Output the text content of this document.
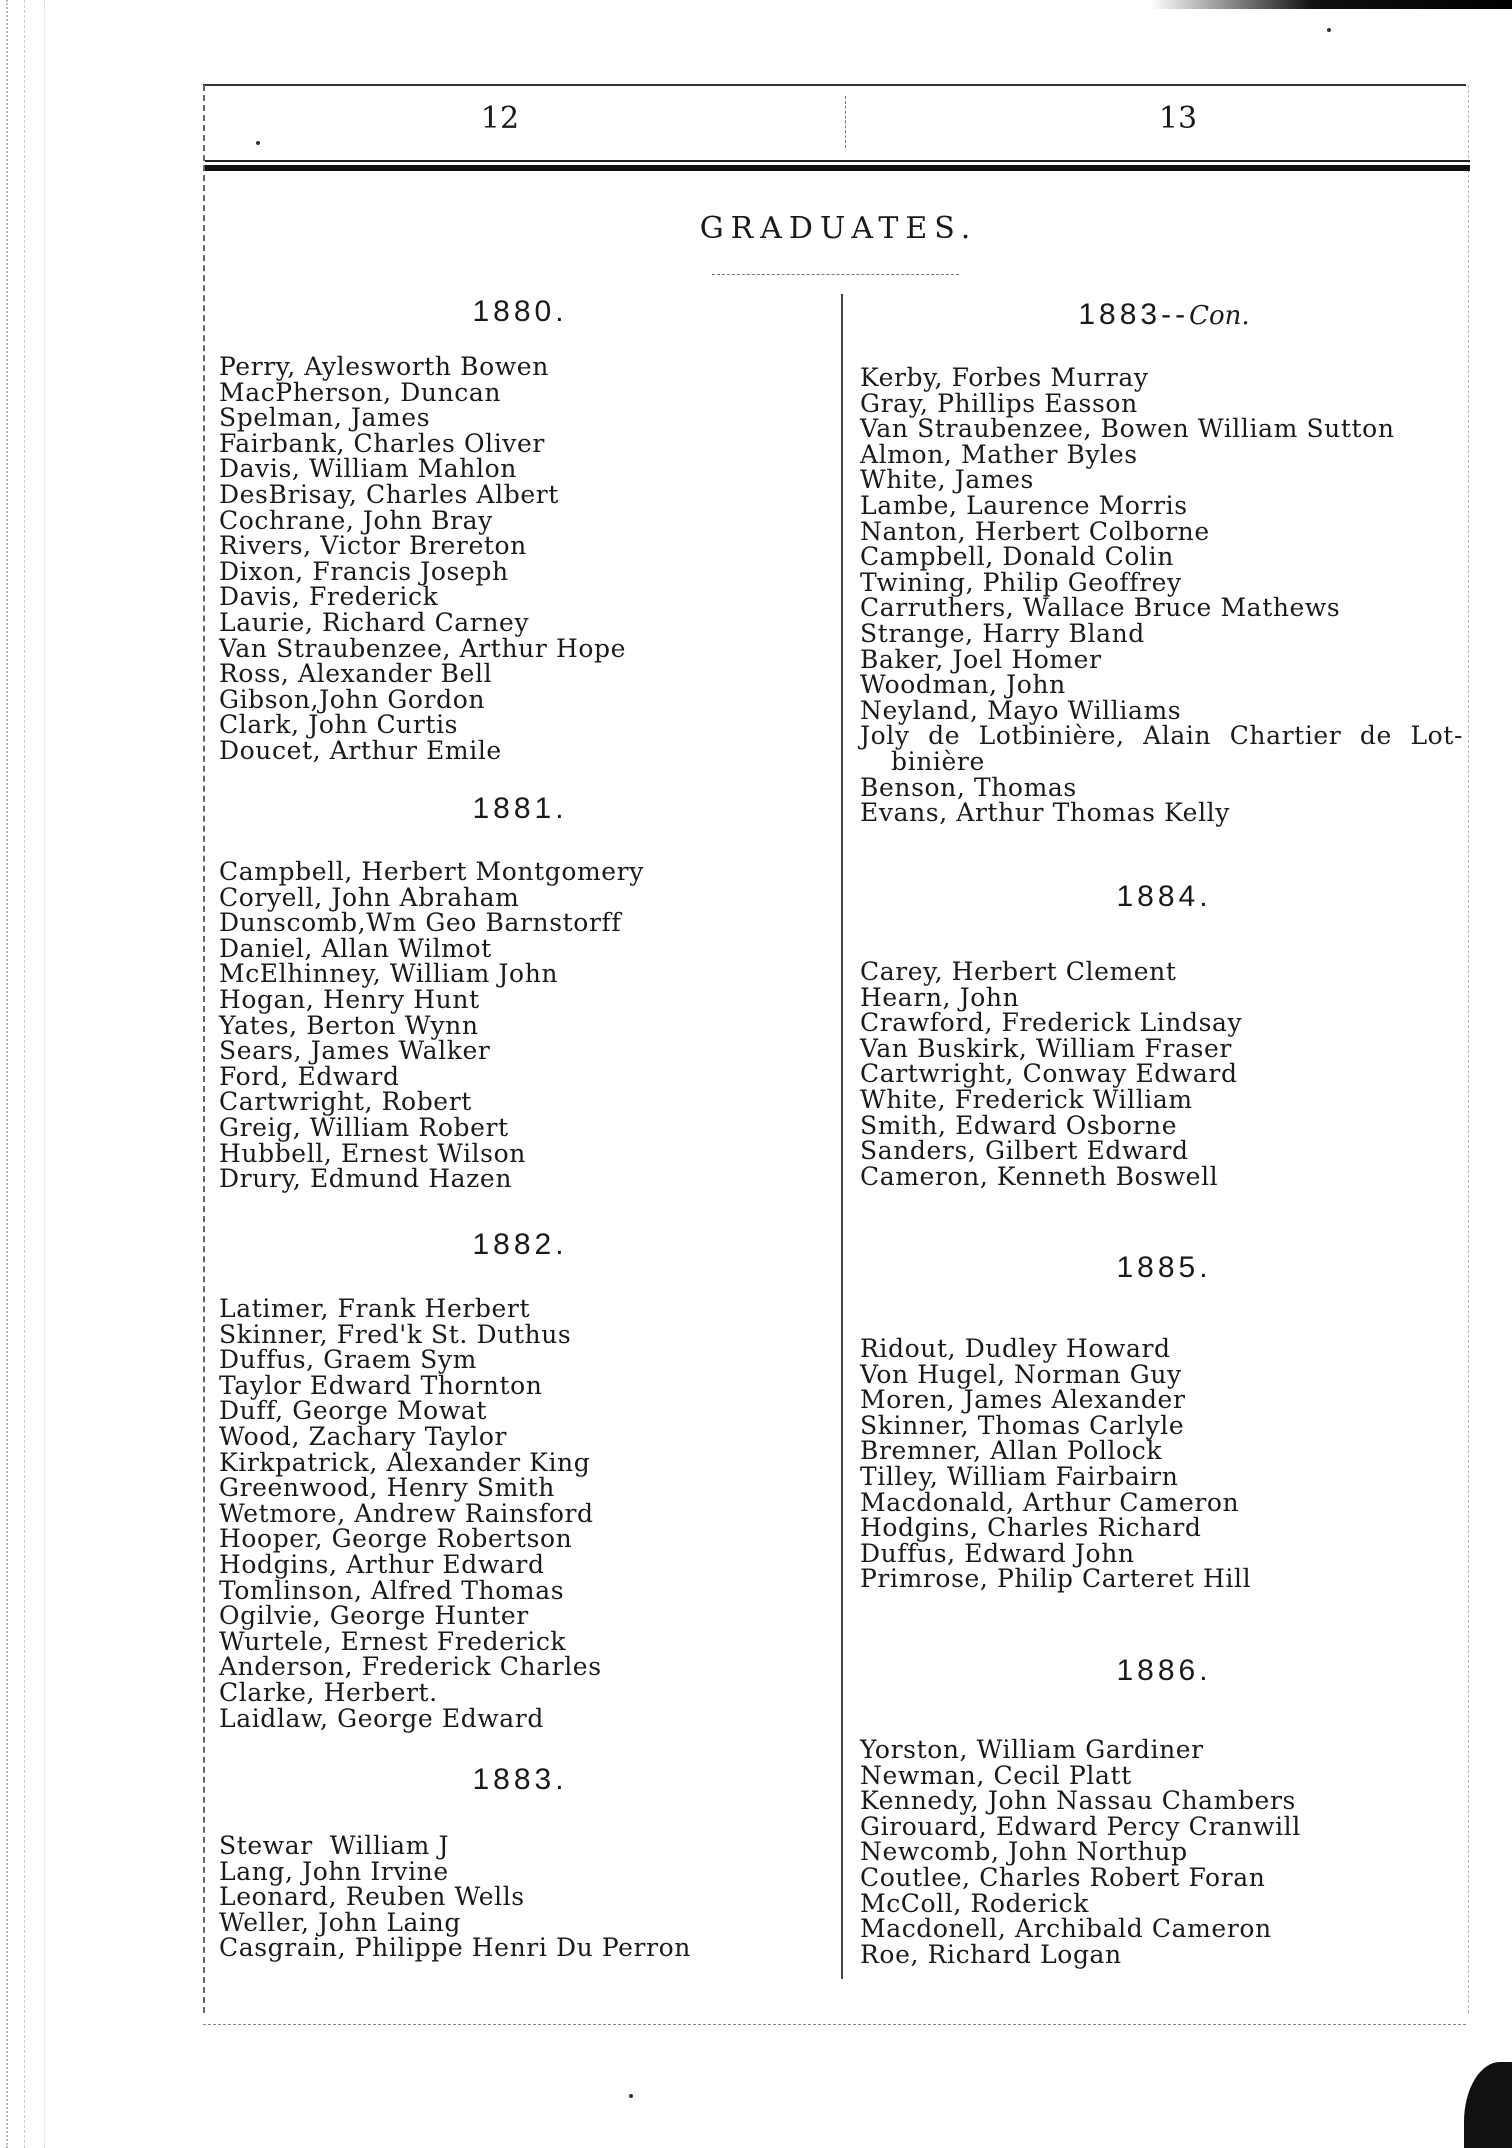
12	13
GRADUATES.
1880.
Perry, Aylesworth Bowen
MacPherson, Duncan
Spelman, James
Fairbank, Charles Oliver
Davis, William Mahlon
DesBrisay, Charles Albert
Cochrane, John Bray
Rivers, Victor Brereton
Dixon, Francis Joseph
Davis, Frederick
Laurie, Richard Carney
Van Straubenzee, Arthur Hope
Ross, Alexander Bell
Gibson,John Gordon
Clark, John Curtis
Doucet, Arthur Emile
1881.
Campbell, Herbert Montgomery
Coryell, John Abraham
Dunscomb,Wm Geo Barnstorff
Daniel, Allan Wilmot
McElhinney, William John
Hogan, Henry Hunt
Yates, Berton Wynn
Sears, James Walker
Ford, Edward
Cartwright, Robert
Greig, William Robert
Hubbell, Ernest Wilson
Drury, Edmund Hazen
1882.
Latimer, Frank Herbert
Skinner, Fred'k St. Duthus
Duffus, Graem Sym
Taylor Edward Thornton
Duff, George Mowat
Wood, Zachary Taylor
Kirkpatrick, Alexander King
Greenwood, Henry Smith
Wetmore, Andrew Rainsford
Hooper, George Robertson
Hodgins, Arthur Edward
Tomlinson, Alfred Thomas
Ogilvie, George Hunter
Wurtele, Ernest Frederick
Anderson, Frederick Charles
Clarke, Herbert.
Laidlaw, George Edward
1883.
Stewar  William J
Lang, John Irvine
Leonard, Reuben Wells
Weller, John Laing
Casgrain, Philippe Henri Du Perron
1883--Con.
Kerby, Forbes Murray
Gray, Phillips Easson
Van Straubenzee, Bowen William Sutton
Almon, Mather Byles
White, James
Lambe, Laurence Morris
Nanton, Herbert Colborne
Campbell, Donald Colin
Twining, Philip Geoffrey
Carruthers, Wallace Bruce Mathews
Strange, Harry Bland
Baker, Joel Homer
Woodman, John
Neyland, Mayo Williams
Joly de Lotbinière, Alain Chartier de Lot-
binière
Benson, Thomas
Evans, Arthur Thomas Kelly
1884.
Carey, Herbert Clement
Hearn, John
Crawford, Frederick Lindsay
Van Buskirk, William Fraser
Cartwright, Conway Edward
White, Frederick William
Smith, Edward Osborne
Sanders, Gilbert Edward
Cameron, Kenneth Boswell
1885.
Ridout, Dudley Howard
Von Hugel, Norman Guy
Moren, James Alexander
Skinner, Thomas Carlyle
Bremner, Allan Pollock
Tilley, William Fairbairn
Macdonald, Arthur Cameron
Hodgins, Charles Richard
Duffus, Edward John
Primrose, Philip Carteret Hill
1886.
Yorston, William Gardiner
Newman, Cecil Platt
Kennedy, John Nassau Chambers
Girouard, Edward Percy Cranwill
Newcomb, John Northup
Coutlee, Charles Robert Foran
McColl, Roderick
Macdonell, Archibald Cameron
Roe, Richard Logan
